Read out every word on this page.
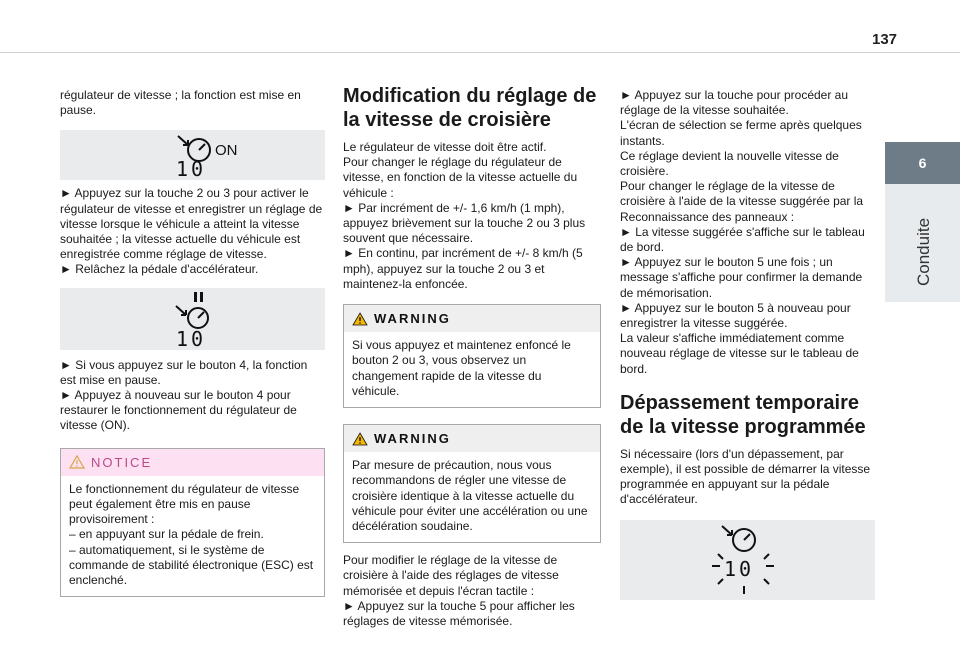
137
6
Conduite

régulateur de vitesse ; la fonction est mise en pause.

ON
10

► Appuyez sur la touche 2 ou 3 pour activer le régulateur de vitesse et enregistrer un réglage de vitesse lorsque le véhicule a atteint la vitesse souhaitée ; la vitesse actuelle du véhicule est enregistrée comme réglage de vitesse.

► Relâchez la pédale d'accélérateur.

10

► Si vous appuyez sur le bouton 4, la fonction est mise en pause.

► Appuyez à nouveau sur le bouton 4 pour restaurer le fonctionnement du régulateur de vitesse (ON).

NOTICE

Le fonctionnement du régulateur de vitesse peut également être mis en pause provisoirement :

– en appuyant sur la pédale de frein.

– automatiquement, si le système de commande de stabilité électronique (ESC) est enclenché.

Modification du réglage de la vitesse de croisière

Le régulateur de vitesse doit être actif.

Pour changer le réglage du régulateur de vitesse, en fonction de la vitesse actuelle du véhicule :

► Par incrément de +/- 1,6 km/h (1 mph), appuyez brièvement sur la touche 2 ou 3 plus souvent que nécessaire.

► En continu, par incrément de +/- 8 km/h (5 mph), appuyez sur la touche 2 ou 3 et maintenez-la enfoncée.

WARNING
Si vous appuyez et maintenez enfoncé le bouton 2 ou 3, vous observez un changement rapide de la vitesse du véhicule.
WARNING
Par mesure de précaution, nous vous recommandons de régler une vitesse de croisière identique à la vitesse actuelle du véhicule pour éviter une accélération ou une décélération soudaine.

Pour modifier le réglage de la vitesse de croisière à l'aide des réglages de vitesse mémorisée et depuis l'écran tactile :

► Appuyez sur la touche 5 pour afficher les réglages de vitesse mémorisée.

► Appuyez sur la touche pour procéder au réglage de la vitesse souhaitée.

L'écran de sélection se ferme après quelques instants.

Ce réglage devient la nouvelle vitesse de croisière.

Pour changer le réglage de la vitesse de croisière à l'aide de la vitesse suggérée par la Reconnaissance des panneaux :

► La vitesse suggérée s'affiche sur le tableau de bord.

► Appuyez sur le bouton 5 une fois ; un message s'affiche pour confirmer la demande de mémorisation.

► Appuyez sur le bouton 5 à nouveau pour enregistrer la vitesse suggérée.

La valeur s'affiche immédiatement comme nouveau réglage de vitesse sur le tableau de bord.

Dépassement temporaire de la vitesse programmée

Si nécessaire (lors d'un dépassement, par exemple), il est possible de démarrer la vitesse programmée en appuyant sur la pédale d'accélérateur.

10
